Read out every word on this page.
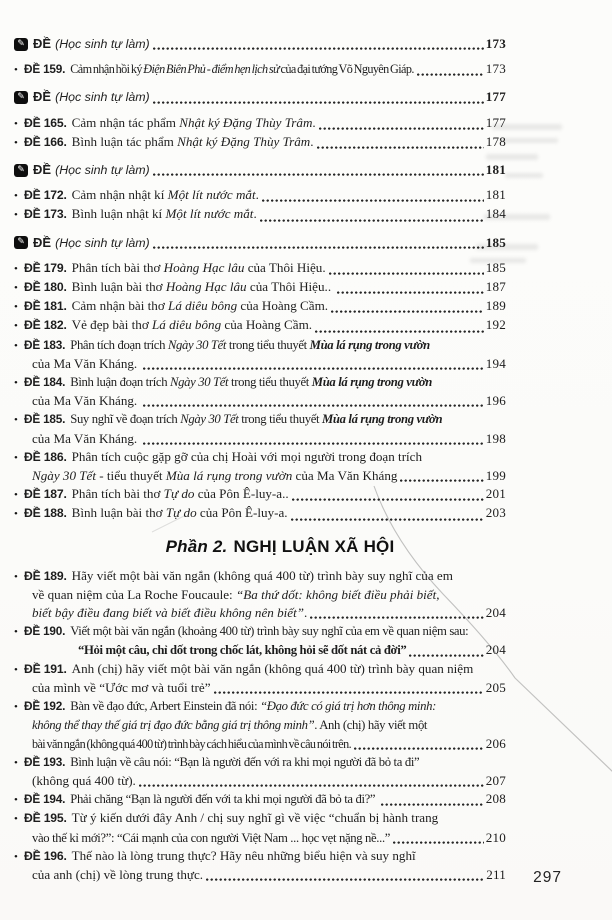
✎ ĐỀ (Học sinh tự làm)	173
• ĐỀ 159. Cảm nhận hồi ký Điện Biên Phủ - điểm hẹn lịch sử của đại tướng Võ Nguyên Giáp.	173
✎ ĐỀ (Học sinh tự làm)	177
• ĐỀ 165. Cảm nhận tác phẩm Nhật ký Đặng Thùy Trâm.	177
• ĐỀ 166. Bình luận tác phẩm Nhật ký Đặng Thùy Trâm.	178
✎ ĐỀ (Học sinh tự làm)	181
• ĐỀ 172. Cảm nhận nhật kí Một lít nước mắt.	181
• ĐỀ 173. Bình luận nhật kí Một lít nước mắt.	184
✎ ĐỀ (Học sinh tự làm)	185
• ĐỀ 179. Phân tích bài thơ Hoàng Hạc lâu của Thôi Hiệu.	185
• ĐỀ 180. Bình luận bài thơ Hoàng Hạc lâu của Thôi Hiệu..	187
• ĐỀ 181. Cảm nhận bài thơ Lá diêu bông của Hoàng Cầm.	189
• ĐỀ 182. Vẻ đẹp bài thơ Lá diêu bông của Hoàng Cầm.	192
• ĐỀ 183. Phân tích đoạn trích Ngày 30 Tết trong tiểu thuyết Mùa lá rụng trong vườn
của Ma Văn Kháng.	194
• ĐỀ 184. Bình luận đoạn trích Ngày 30 Tết trong tiểu thuyết Mùa lá rụng trong vườn
của Ma Văn Kháng.	196
• ĐỀ 185. Suy nghĩ về đoạn trích Ngày 30 Tết trong tiểu thuyết Mùa lá rụng trong vườn
của Ma Văn Kháng.	198
• ĐỀ 186. Phân tích cuộc gặp gỡ của chị Hoài với mọi người trong đoạn trích
Ngày 30 Tết - tiểu thuyết Mùa lá rụng trong vườn của Ma Văn Kháng	199
• ĐỀ 187. Phân tích bài thơ Tự do của Pôn Ê-luy-a..	201
• ĐỀ 188. Bình luận bài thơ Tự do của Pôn Ê-luy-a.	203
Phần 2. NGHỊ LUẬN XÃ HỘI
• ĐỀ 189. Hãy viết một bài văn ngắn (không quá 400 từ) trình bày suy nghĩ của em
về quan niệm của La Roche Foucaule: “Ba thứ dốt: không biết điều phải biết,
biết bậy điều đang biết và biết điều không nên biết”.	204
• ĐỀ 190. Viết một bài văn ngắn (khoảng 400 từ) trình bày suy nghĩ của em về quan niệm sau:
“Hỏi một câu, chỉ dốt trong chốc lát, không hỏi sẽ dốt nát cả đời”	204
• ĐỀ 191. Anh (chị) hãy viết một bài văn ngắn (không quá 400 từ) trình bày quan niệm
của mình về “Ước mơ và tuổi trẻ”	205
• ĐỀ 192. Bàn về đạo đức, Arbert Einstein đã nói: “Đạo đức có giá trị hơn thông minh:
không thể thay thế giá trị đạo đức bằng giá trị thông minh”. Anh (chị) hãy viết một
bài văn ngắn (không quá 400 từ) trình bày cách hiểu của mình về câu nói trên.	206
• ĐỀ 193. Bình luận về câu nói: “Bạn là người đến với ra khi mọi người đã bỏ ta đi”
(không quá 400 từ).	207
• ĐỀ 194. Phải chăng “Bạn là người đến với ta khi mọi người đã bỏ ta đi?”	208
• ĐỀ 195. Từ ý kiến dưới đây Anh / chị suy nghĩ gì về việc “chuẩn bị hành trang
vào thế kỉ mới?”: “Cái mạnh của con người Việt Nam ... học vẹt nặng nề...”	210
• ĐỀ 196. Thế nào là lòng trung thực? Hãy nêu những biểu hiện và suy nghĩ
của anh (chị) về lòng trung thực.	211 297
